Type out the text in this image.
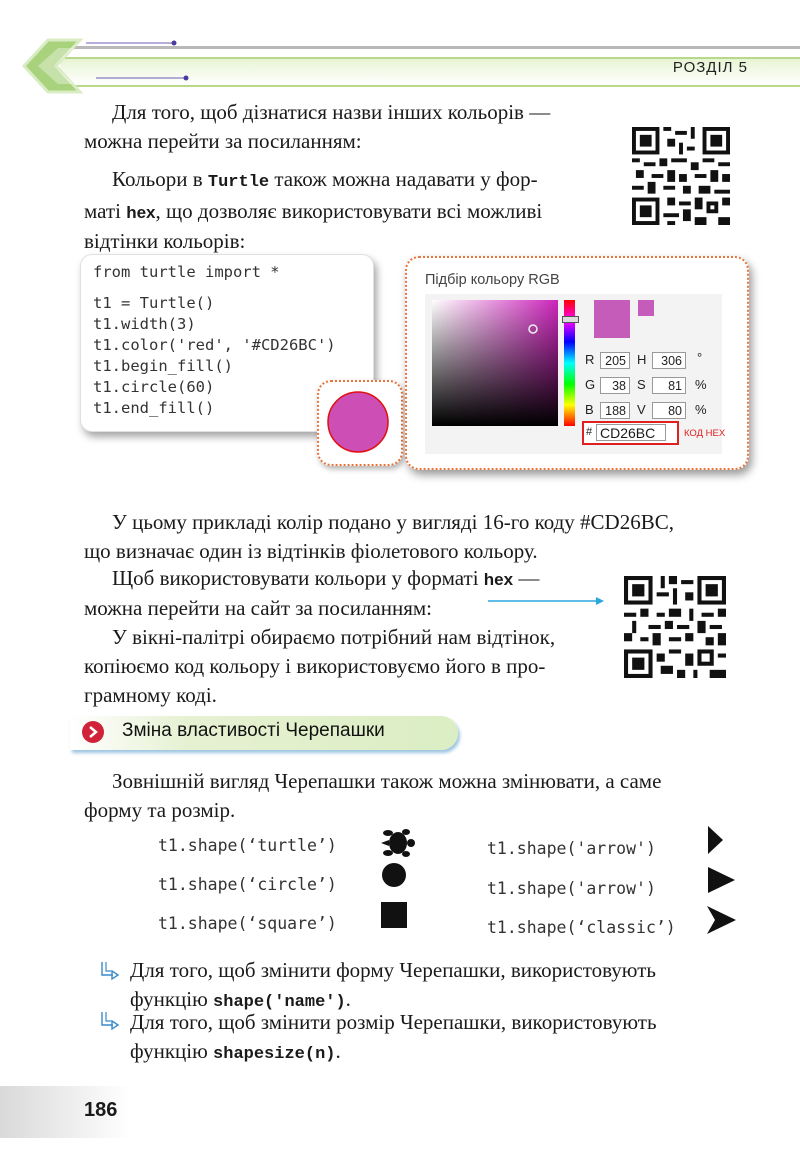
РОЗДІЛ 5
Для того, щоб дізнатися назви інших кольорів —
можна перейти за посиланням:
Кольори в Turtle також можна надавати у фор-
маті hex, що дозволяє використовувати всі можливі
відтінки кольорів:
from turtle import *
t1 = Turtle()
t1.width(3)
t1.color('red', '#CD26BC')
t1.begin_fill()
t1.circle(60)
t1.end_fill()
Підбір кольору RGB
R 205 H	306	°
G	38 S	81	%
B 188 V	80	%
# CD26BC	КОД HEX
У цьому прикладі колір подано у вигляді 16-го коду #CD26BC,
що визначає один із відтінків фіолетового кольору.
Щоб використовувати кольори у форматі hex —
можна перейти на сайт за посиланням:
У вікні-палітрі обираємо потрібний нам відтінок,
копіюємо код кольору і використовуємо його в про-
грамному коді.
Зміна властивості Черепашки
Зовнішній вигляд Черепашки також можна змінювати, а саме
форму та розмір.
t1.shape(‘turtle’)
t1.shape(‘circle’)
t1.shape(‘square’)
t1.shape('arrow')
t1.shape('arrow')
t1.shape(‘classic’)
Для того, щоб змінити форму Черепашки, використовують
функцію shape('name').
Для того, щоб змінити розмір Черепашки, використовують
функцію shapesize(n).
186
